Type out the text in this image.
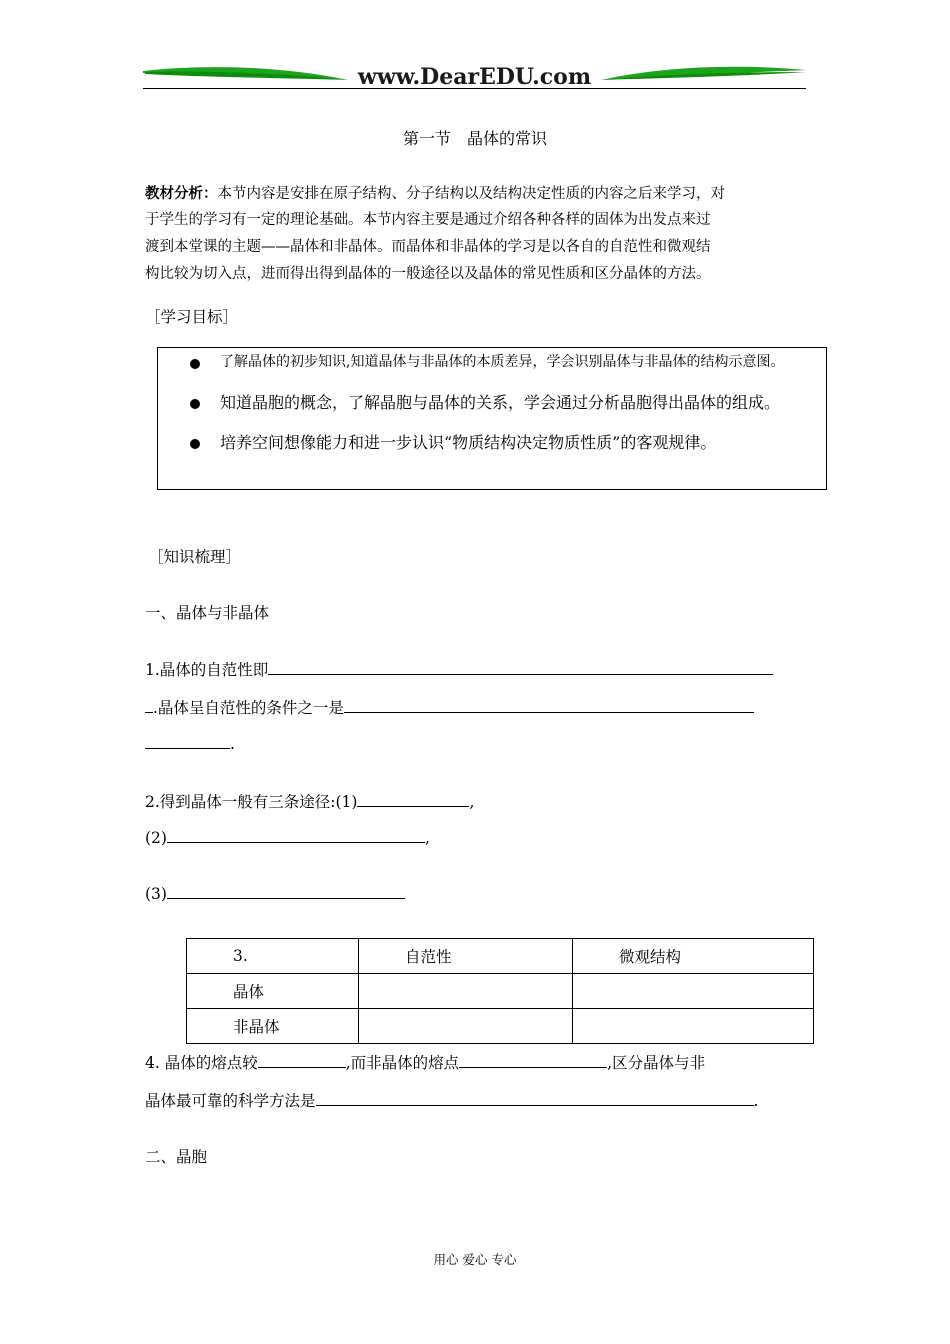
www.DearEDU.com
第一节　晶体的常识
教材分析：本节内容是安排在原子结构、分子结构以及结构决定性质的内容之后来学习，对
于学生的学习有一定的理论基础。本节内容主要是通过介绍各种各样的固体为出发点来过
渡到本堂课的主题——晶体和非晶体。而晶体和非晶体的学习是以各自的自范性和微观结
构比较为切入点，进而得出得到晶体的一般途径以及晶体的常见性质和区分晶体的方法。
［学习目标］
了解晶体的初步知识,知道晶体与非晶体的本质差异，学会识别晶体与非晶体的结构示意图。
知道晶胞的概念，了解晶胞与晶体的关系，学会通过分析晶胞得出晶体的组成。
培养空间想像能力和进一步认识“物质结构决定物质性质”的客观规律。
［知识梳理］
一、晶体与非晶体
1.晶体的自范性即
.晶体呈自范性的条件之一是
.
2.得到晶体一般有三条途径:(1)	,
(2)	,
(3)
3.	自范性	微观结构
晶体		
非晶体		
4. 晶体的熔点较	,而非晶体的熔点	,区分晶体与非
晶体最可靠的科学方法是	.
二、晶胞
用心 爱心 专心
